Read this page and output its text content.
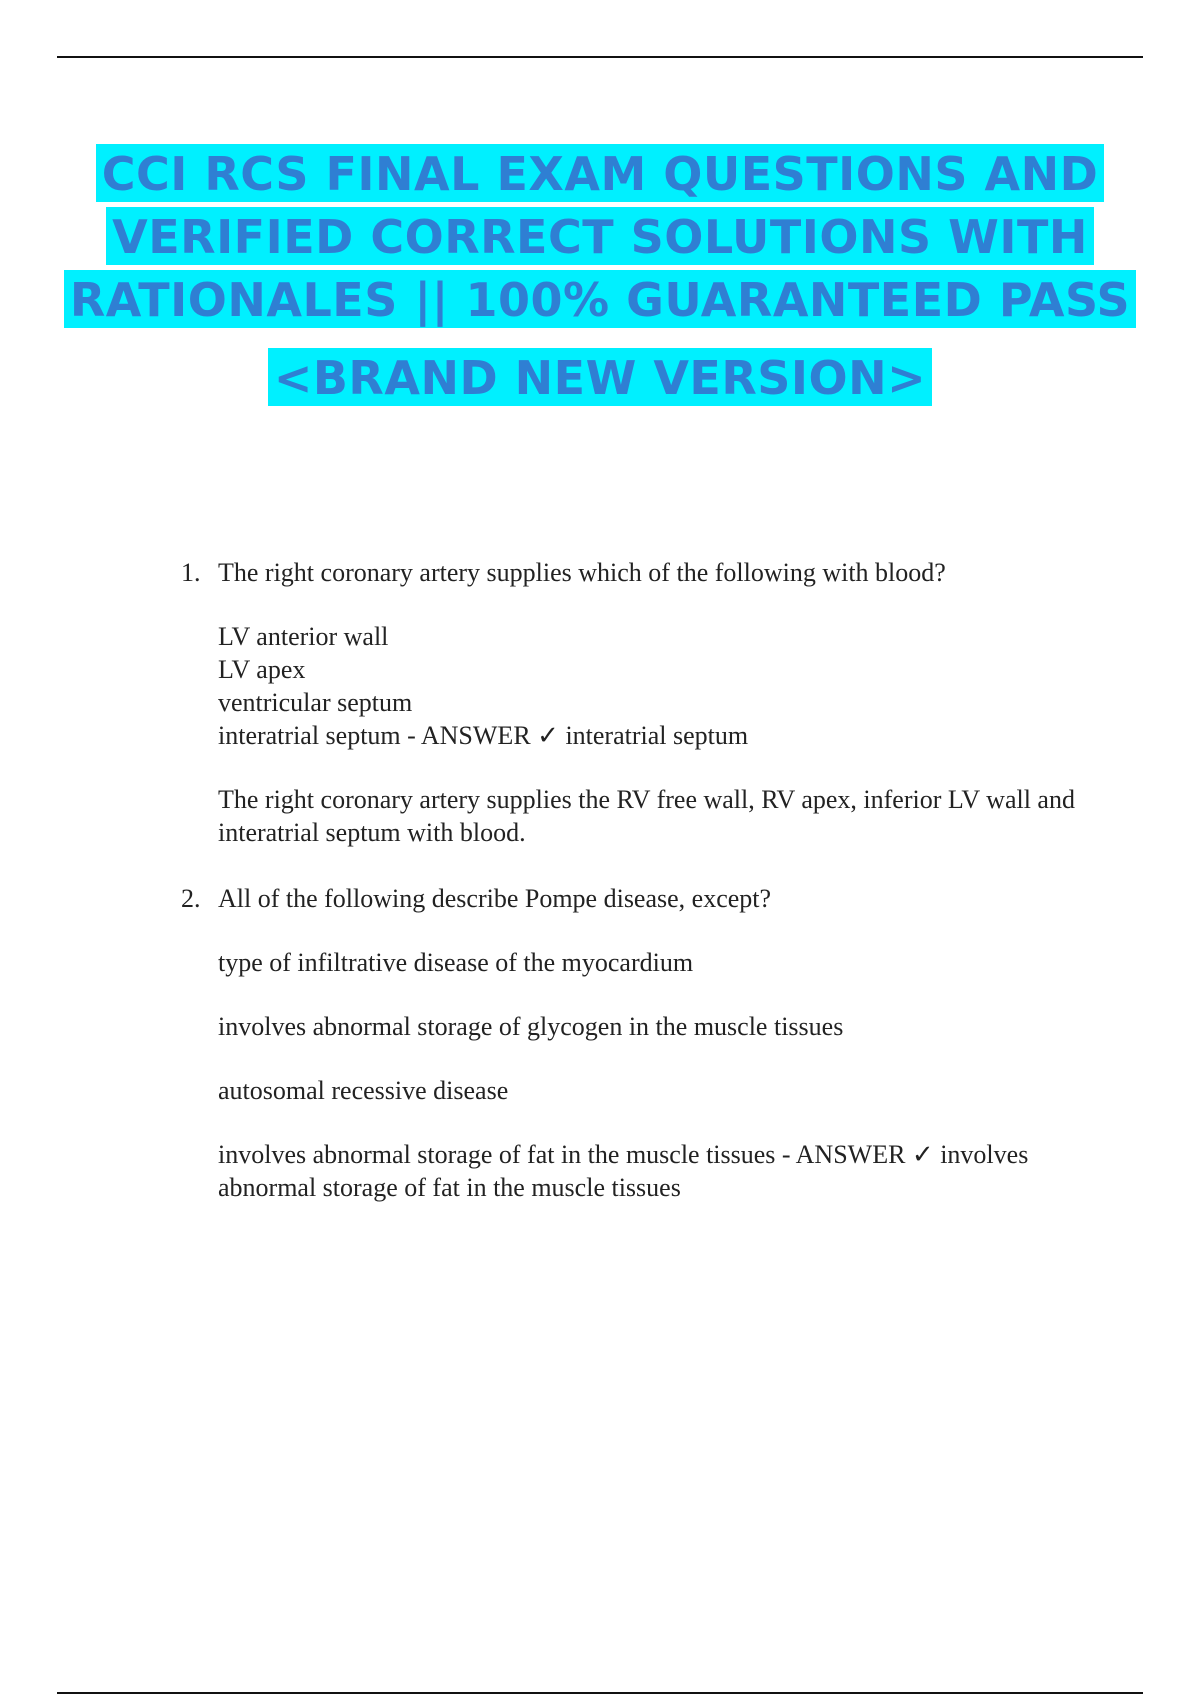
CCI RCS FINAL EXAM QUESTIONS AND
VERIFIED CORRECT SOLUTIONS WITH
RATIONALES || 100% GUARANTEED PASS
<BRAND NEW VERSION>
1. The right coronary artery supplies which of the following with blood?

LV anterior wall

LV apex

ventricular septum

interatrial septum - ANSWER ✓ interatrial septum

The right coronary artery supplies the RV free wall, RV apex, inferior LV wall and interatrial septum with blood.

2. All of the following describe Pompe disease, except?

type of infiltrative disease of the myocardium

involves abnormal storage of glycogen in the muscle tissues

autosomal recessive disease

involves abnormal storage of fat in the muscle tissues - ANSWER ✓ involves abnormal storage of fat in the muscle tissues
